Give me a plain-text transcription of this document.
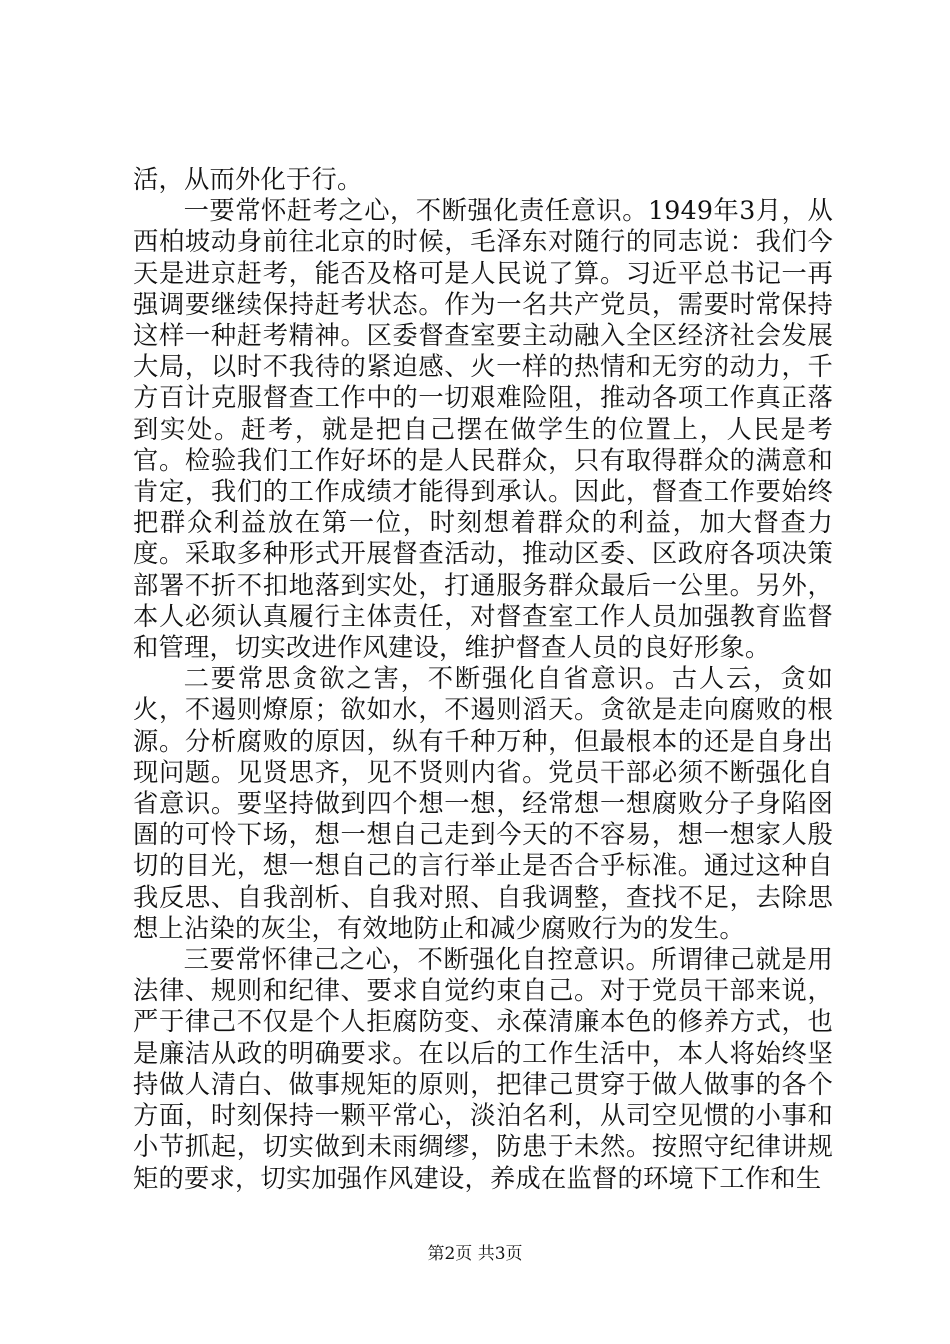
活，从而外化于行。

一要常怀赶考之心，不断强化责任意识。1949年3月，从西柏坡动身前往北京的时候，毛泽东对随行的同志说：我们今天是进京赶考，能否及格可是人民说了算。习近平总书记一再强调要继续保持赶考状态。作为一名共产党员，需要时常保持这样一种赶考精神。区委督查室要主动融入全区经济社会发展大局，以时不我待的紧迫感、火一样的热情和无穷的动力，千方百计克服督查工作中的一切艰难险阻，推动各项工作真正落到实处。赶考，就是把自己摆在做学生的位置上，人民是考官。检验我们工作好坏的是人民群众，只有取得群众的满意和肯定，我们的工作成绩才能得到承认。因此，督查工作要始终把群众利益放在第一位，时刻想着群众的利益，加大督查力度。采取多种形式开展督查活动，推动区委、区政府各项决策部署不折不扣地落到实处，打通服务群众最后一公里。另外，本人必须认真履行主体责任，对督查室工作人员加强教育监督和管理，切实改进作风建设，维护督查人员的良好形象。

二要常思贪欲之害，不断强化自省意识。古人云，贪如火，不遏则燎原；欲如水，不遏则滔天。贪欲是走向腐败的根源。分析腐败的原因，纵有千种万种，但最根本的还是自身出现问题。见贤思齐，见不贤则内省。党员干部必须不断强化自省意识。要坚持做到四个想一想，经常想一想腐败分子身陷囹圄的可怜下场，想一想自己走到今天的不容易，想一想家人殷切的目光，想一想自己的言行举止是否合乎标准。通过这种自我反思、自我剖析、自我对照、自我调整，查找不足，去除思想上沾染的灰尘，有效地防止和减少腐败行为的发生。

三要常怀律己之心，不断强化自控意识。所谓律己就是用法律、规则和纪律、要求自觉约束自己。对于党员干部来说，严于律己不仅是个人拒腐防变、永葆清廉本色的修养方式，也是廉洁从政的明确要求。在以后的工作生活中，本人将始终坚持做人清白、做事规矩的原则，把律己贯穿于做人做事的各个方面，时刻保持一颗平常心，淡泊名利，从司空见惯的小事和小节抓起，切实做到未雨绸缪，防患于未然。按照守纪律讲规矩的要求，切实加强作风建设，养成在监督的环境下工作和生

第2页 共3页
